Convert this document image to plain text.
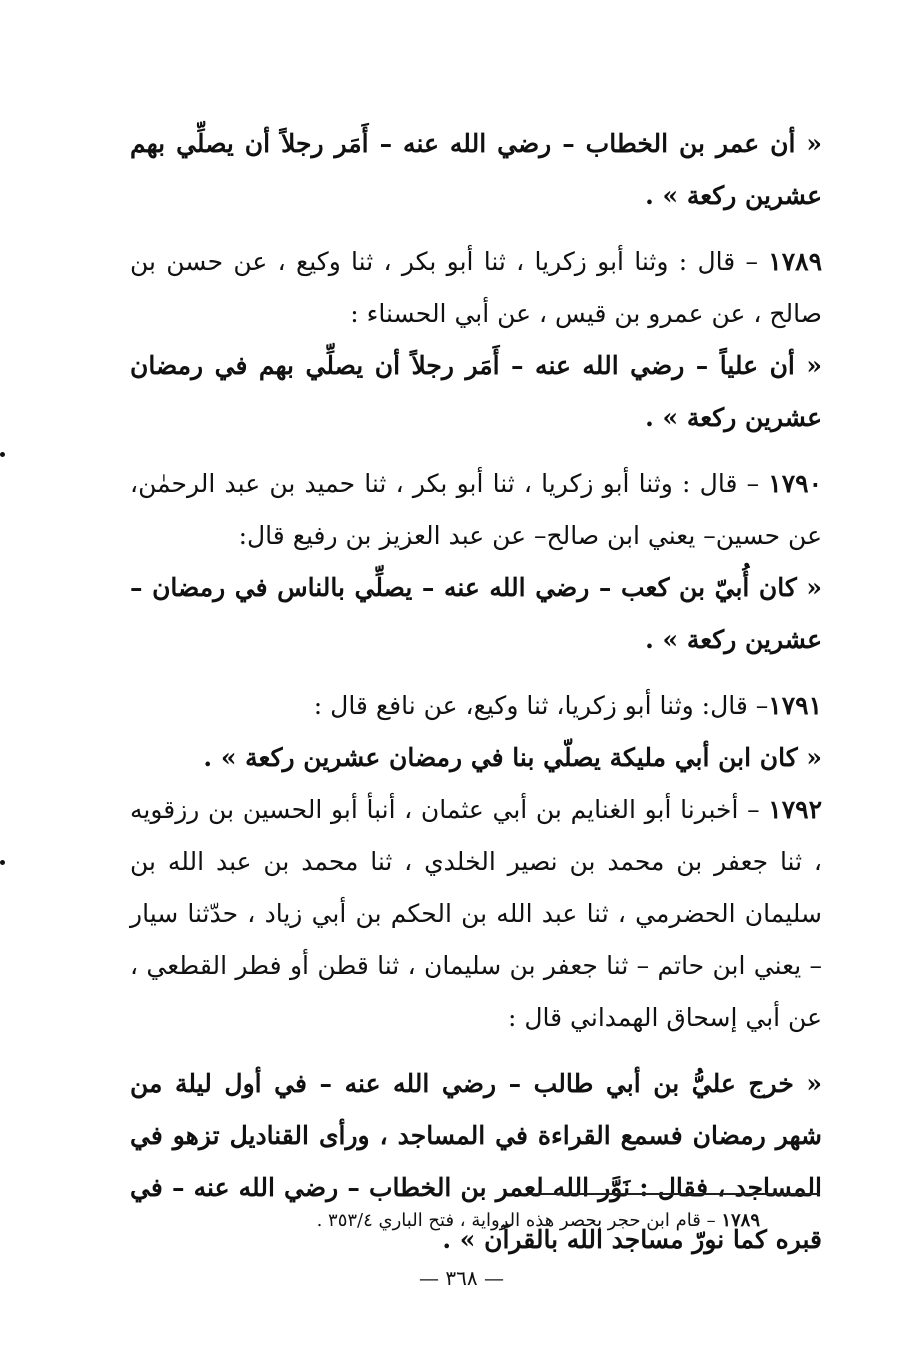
« أن عمر بن الخطاب – رضي الله عنه – أَمَر رجلاً أن يصلِّي بهم عشرين ركعة » .

١٧٨٩ – قال : وثنا أبو زكريا ، ثنا أبو بكر ، ثنا وكيع ، عن حسن بن صالح ، عن عمرو بن قيس ، عن أبي الحسناء :

« أن علياً – رضي الله عنه – أَمَر رجلاً أن يصلِّي بهم في رمضان عشرين ركعة » .

١٧٩٠ – قال : وثنا أبو زكريا ، ثنا أبو بكر ، ثنا حميد بن عبد الرحمٰن، عن حسين– يعني ابن صالح– عن عبد العزيز بن رفيع قال:

« كان أُبيّ بن كعب – رضي الله عنه – يصلِّي بالناس في رمضان – عشرين ركعة » .

١٧٩١– قال: وثنا أبو زكريا، ثنا وكيع، عن نافع قال :

« كان ابن أبي مليكة يصلّي بنا في رمضان عشرين ركعة » .

١٧٩٢ – أخبرنا أبو الغنايم بن أبي عثمان ، أنبأ أبو الحسين بن رزقويه ، ثنا جعفر بن محمد بن نصير الخلدي ، ثنا محمد بن عبد الله بن سليمان الحضرمي ، ثنا عبد الله بن الحكم بن أبي زياد ، حدّثنا سيار – يعني ابن حاتم – ثنا جعفر بن سليمان ، ثنا قطن أو فطر القطعي ، عن أبي إسحاق الهمداني قال :

« خرج عليُّ بن أبي طالب – رضي الله عنه – في أول ليلة من شهر رمضان فسمع القراءة في المساجد ، ورأى القناديل تزهو في المساجد ، فقال : نَوَّر الله لعمر بن الخطاب – رضي الله عنه – في قبره كما نورّ مساجد الله بالقرآن » .

١٧٨٩ – قام ابن حجر بحصر هذه الرواية ، فتح الباري ٣٥٣/٤ .
— ٣٦٨ —
